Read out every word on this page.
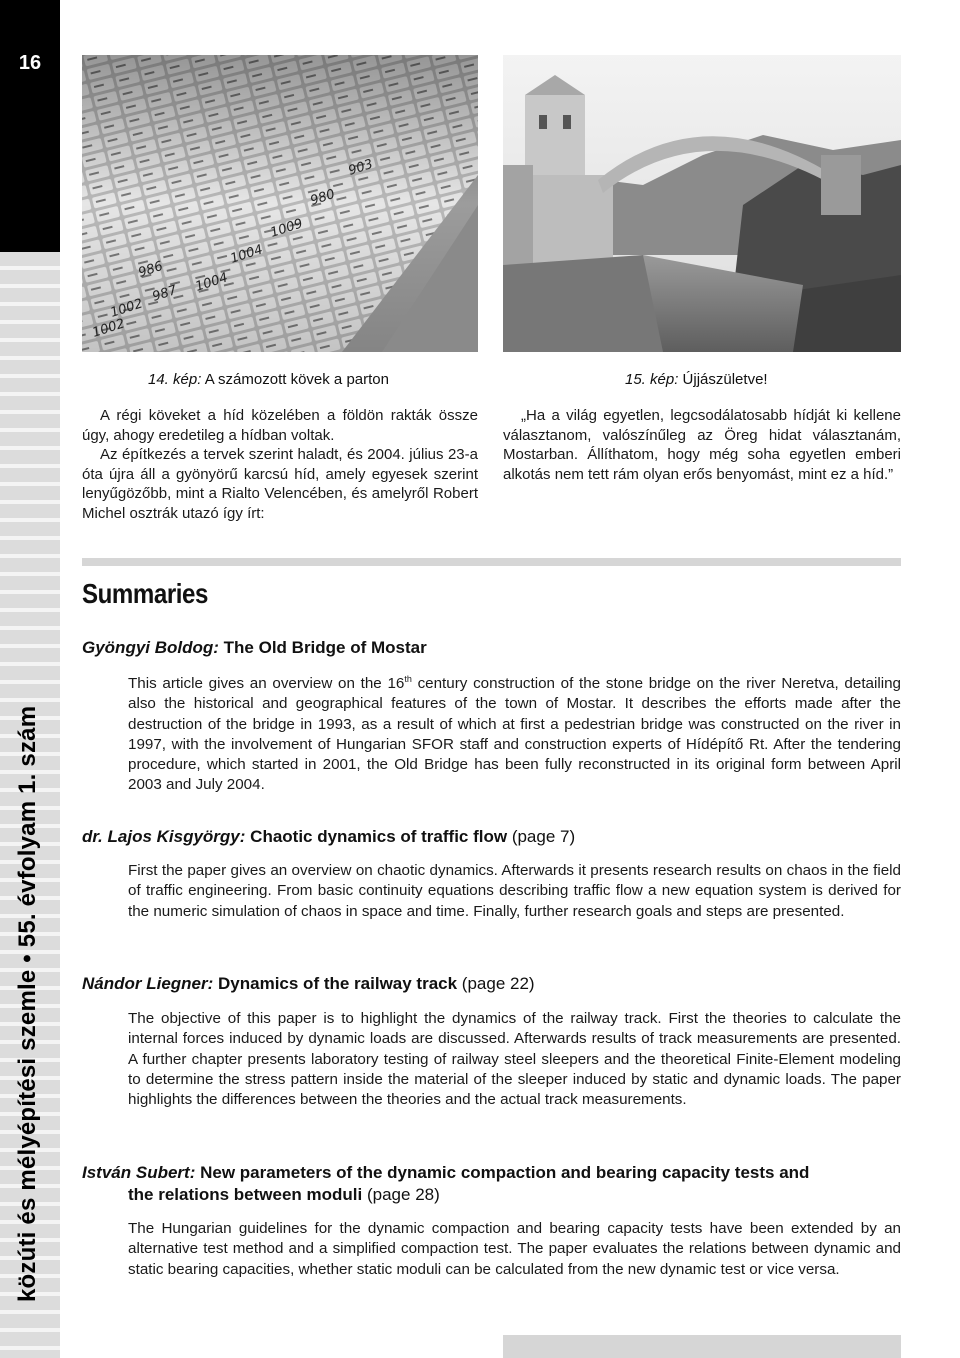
16
közúti és mélyépítési szemle • 55. évfolyam 1. szám
986
1002
1002
987 1004
1004
1009
980
903
14. kép: A számozott kövek a parton	15. kép: Újjászületve!

A régi köveket a híd közelében a földön rakták össze úgy, ahogy eredetileg a hídban voltak.

Az építkezés a tervek szerint haladt, és 2004. július 23-a óta újra áll a gyönyörű karcsú híd, amely egyesek szerint lenyűgözőbb, mint a Rialto Velencében, és amelyről Robert Michel osztrák utazó így írt:

„Ha a világ egyetlen, legcsodálatosabb hídját ki kellene választanom, valószínűleg az Öreg hidat választanám, Mostarban. Állíthatom, hogy még soha egyetlen emberi alkotás nem tett rám olyan erős benyomást, mint ez a híd.”

Summaries
Gyöngyi Boldog: The Old Bridge of Mostar
This article gives an overview on the 16th century construction of the stone bridge on the river Neretva, detailing also the historical and geographical features of the town of Mostar. It describes the efforts made after the destruction of the bridge in 1993, as a result of which at first a pedestrian bridge was constructed on the river in 1997, with the involvement of Hungarian SFOR staff and construction experts of Hídépítő Rt. After the tendering procedure, which started in 2001, the Old Bridge has been fully reconstructed in its original form between April 2003 and July 2004.
dr. Lajos Kisgyörgy: Chaotic dynamics of traffic flow (page 7)
First the paper gives an overview on chaotic dynamics. Afterwards it presents research results on chaos in the field of traffic engineering. From basic continuity equations describing traffic flow a new equation system is derived for the numeric simulation of chaos in space and time. Finally, further research goals and steps are presented.
Nándor Liegner: Dynamics of the railway track (page 22)
The objective of this paper is to highlight the dynamics of the railway track. First the theories to calculate the internal forces induced by dynamic loads are discussed. Afterwards results of track measurements are presented. A further chapter presents laboratory testing of railway steel sleepers and the theoretical Finite-Element modeling to determine the stress pattern inside the material of the sleeper induced by static and dynamic loads. The paper highlights the differences between the theories and the actual track measurements.
István Subert: New parameters of the dynamic compaction and bearing capacity tests and
the relations between moduli (page 28)
The Hungarian guidelines for the dynamic compaction and bearing capacity tests have been extended by an alternative test method and a simplified compaction test. The paper evaluates the relations between dynamic and static bearing capacities, whether static moduli can be calculated from the new dynamic test or vice versa.
